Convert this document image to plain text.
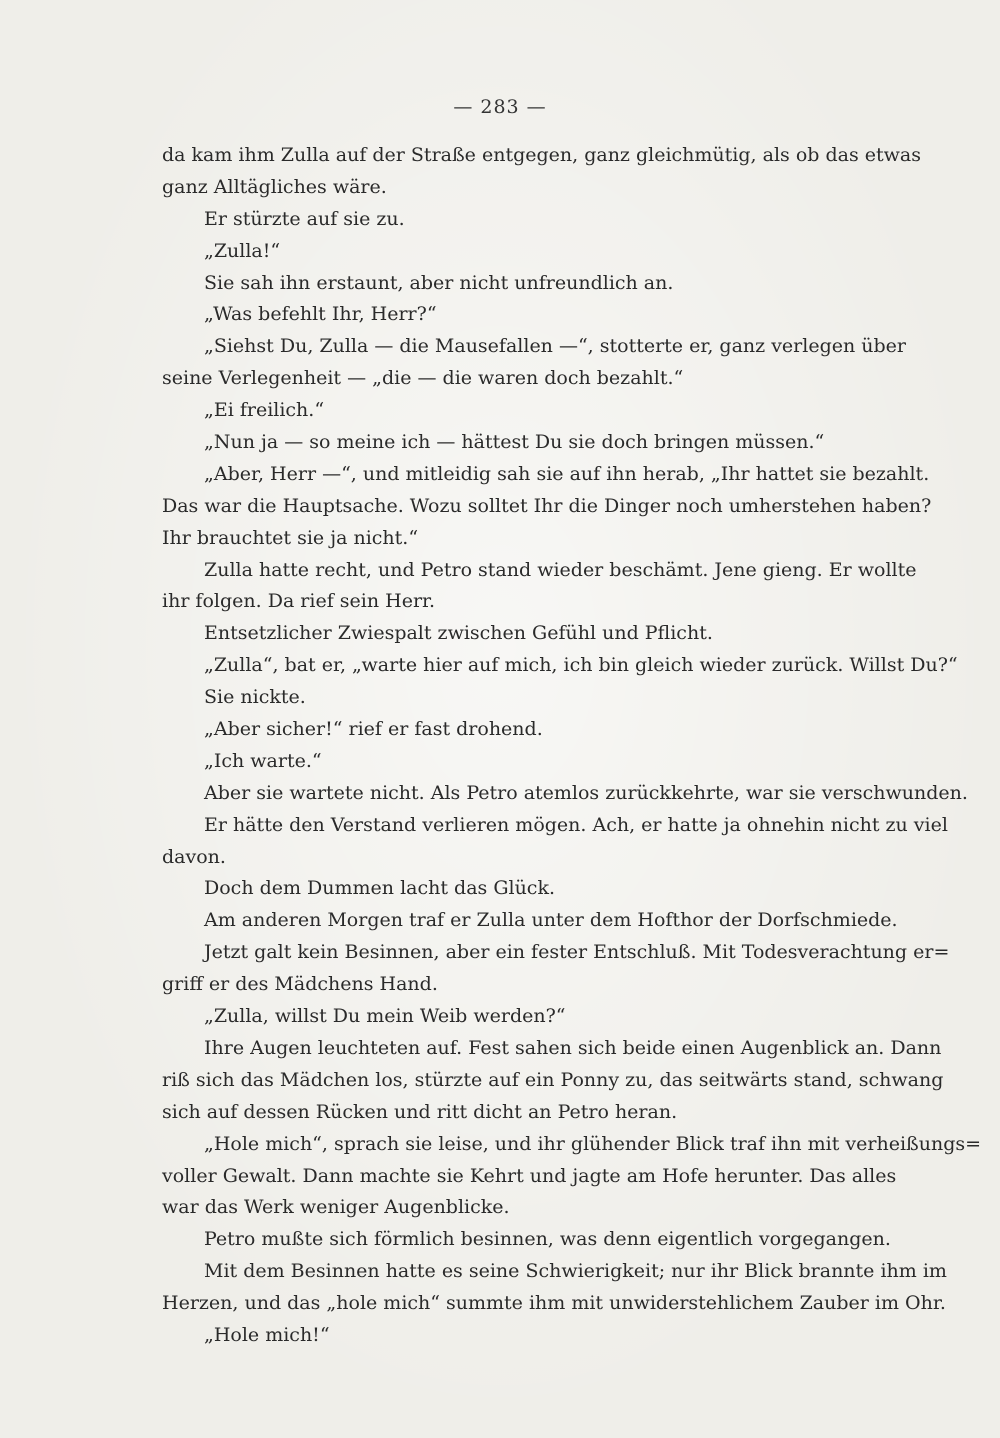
— 283 —
da kam ihm Zulla auf der Straße entgegen, ganz gleichmütig, als ob das etwas
ganz Alltägliches wäre.
Er stürzte auf sie zu.
„Zulla!“
Sie sah ihn erstaunt, aber nicht unfreundlich an.
„Was befehlt Ihr, Herr?“
„Siehst Du, Zulla — die Mausefallen —“, stotterte er, ganz verlegen über
seine Verlegenheit — „die — die waren doch bezahlt.“
„Ei freilich.“
„Nun ja — so meine ich — hättest Du sie doch bringen müssen.“
„Aber, Herr —“, und mitleidig sah sie auf ihn herab, „Ihr hattet sie bezahlt.
Das war die Hauptsache. Wozu solltet Ihr die Dinger noch umherstehen haben?
Ihr brauchtet sie ja nicht.“
Zulla hatte recht, und Petro stand wieder beschämt. Jene gieng. Er wollte
ihr folgen. Da rief sein Herr.
Entsetzlicher Zwiespalt zwischen Gefühl und Pflicht.
„Zulla“, bat er, „warte hier auf mich, ich bin gleich wieder zurück. Willst Du?“
Sie nickte.
„Aber sicher!“ rief er fast drohend.
„Ich warte.“
Aber sie wartete nicht. Als Petro atemlos zurückkehrte, war sie verschwunden.
Er hätte den Verstand verlieren mögen. Ach, er hatte ja ohnehin nicht zu viel
davon.
Doch dem Dummen lacht das Glück.
Am anderen Morgen traf er Zulla unter dem Hofthor der Dorfschmiede.
Jetzt galt kein Besinnen, aber ein fester Entschluß. Mit Todesverachtung er=
griff er des Mädchens Hand.
„Zulla, willst Du mein Weib werden?“
Ihre Augen leuchteten auf. Fest sahen sich beide einen Augenblick an. Dann
riß sich das Mädchen los, stürzte auf ein Ponny zu, das seitwärts stand, schwang
sich auf dessen Rücken und ritt dicht an Petro heran.
„Hole mich“, sprach sie leise, und ihr glühender Blick traf ihn mit verheißungs=
voller Gewalt. Dann machte sie Kehrt und jagte am Hofe herunter. Das alles
war das Werk weniger Augenblicke.
Petro mußte sich förmlich besinnen, was denn eigentlich vorgegangen.
Mit dem Besinnen hatte es seine Schwierigkeit; nur ihr Blick brannte ihm im
Herzen, und das „hole mich“ summte ihm mit unwiderstehlichem Zauber im Ohr.
„Hole mich!“
